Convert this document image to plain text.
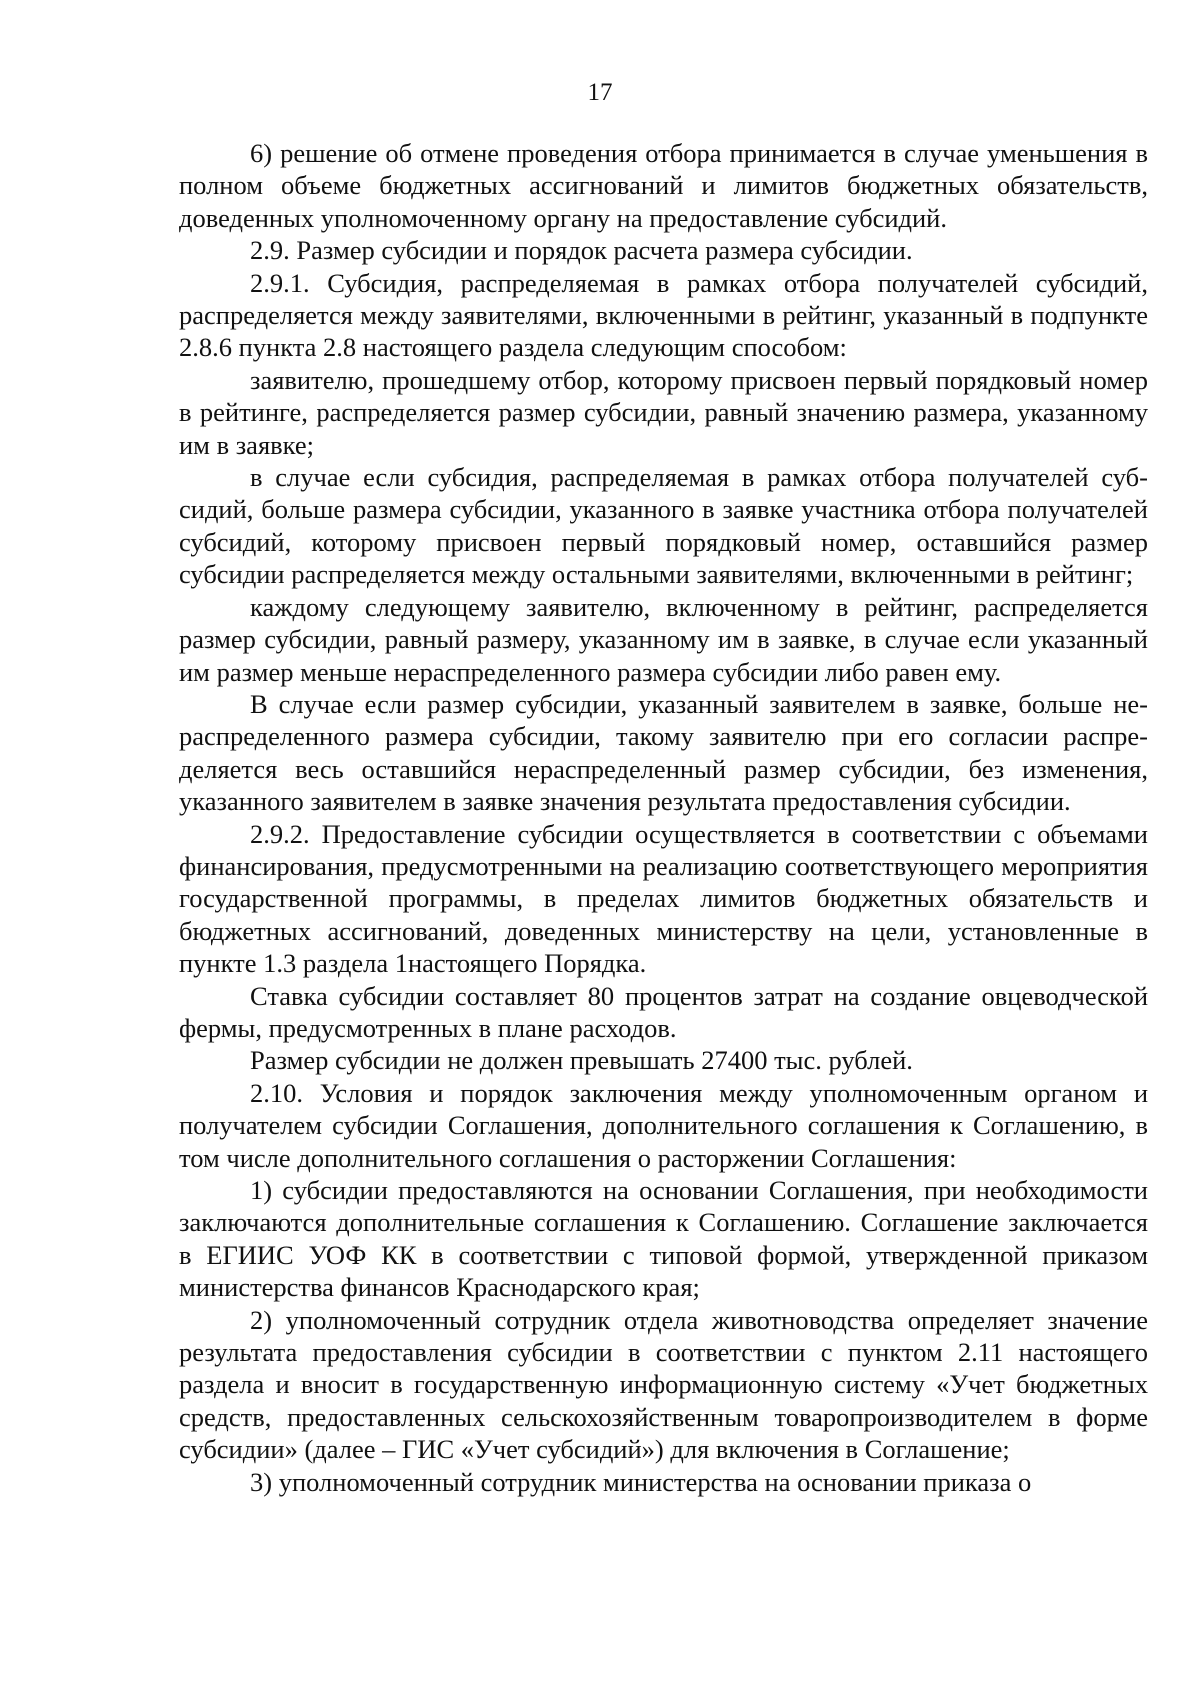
17

6) решение об отмене проведения отбора принимается в случае уменьшения в полном объеме бюджетных ассигнований и лимитов бюджетных обязательств, доведенных уполномоченному органу на предоставление субсидий.

2.9. Размер субсидии и порядок расчета размера субсидии.

2.9.1. Субсидия, распределяемая в рамках отбора получателей субсидий, распределяется между заявителями, включенными в рейтинг, указанный в подпункте 2.8.6 пункта 2.8 настоящего раздела следующим способом:

заявителю, прошедшему отбор, которому присвоен первый порядковый номер в рейтинге, распределяется размер субсидии, равный значению размера, указанному им в заявке;

в случае если субсидия, распределяемая в рамках отбора получателей субсидий, больше размера субсидии, указанного в заявке участника отбора получателей субсидий, которому присвоен первый порядковый номер, оставшийся размер субсидии распределяется между остальными заявителями, включенными в рейтинг;

каждому следующему заявителю, включенному в рейтинг, распределяется размер субсидии, равный размеру, указанному им в заявке, в случае если указанный им размер меньше нераспределенного размера субсидии либо равен ему.

В случае если размер субсидии, указанный заявителем в заявке, больше нераспределенного размера субсидии, такому заявителю при его согласии распределяется весь оставшийся нераспределенный размер субсидии, без изменения, указанного заявителем в заявке значения результата предоставления субсидии.

2.9.2. Предоставление субсидии осуществляется в соответствии с объемами финансирования, предусмотренными на реализацию соответствующего мероприятия государственной программы, в пределах лимитов бюджетных обязательств и бюджетных ассигнований, доведенных министерству на цели, установленные в пункте 1.3 раздела 1настоящего Порядка.

Ставка субсидии составляет 80 процентов затрат на создание овцеводческой фермы, предусмотренных в плане расходов.

Размер субсидии не должен превышать 27400 тыс. рублей.

2.10. Условия и порядок заключения между уполномоченным органом и получателем субсидии Соглашения, дополнительного соглашения к Соглашению, в том числе дополнительного соглашения о расторжении Соглашения:

1) субсидии предоставляются на основании Соглашения, при необходимости заключаются дополнительные соглашения к Соглашению. Соглашение заключается в ЕГИИС УОФ КК в соответствии с типовой формой, утвержденной приказом министерства финансов Краснодарского края;

2) уполномоченный сотрудник отдела животноводства определяет значение результата предоставления субсидии в соответствии с пунктом 2.11 настоящего раздела и вносит в государственную информационную систему «Учет бюджетных средств, предоставленных сельскохозяйственным товаропроизводителем в форме субсидии» (далее – ГИС «Учет субсидий») для включения в Соглашение;

3) уполномоченный сотрудник министерства на основании приказа о
